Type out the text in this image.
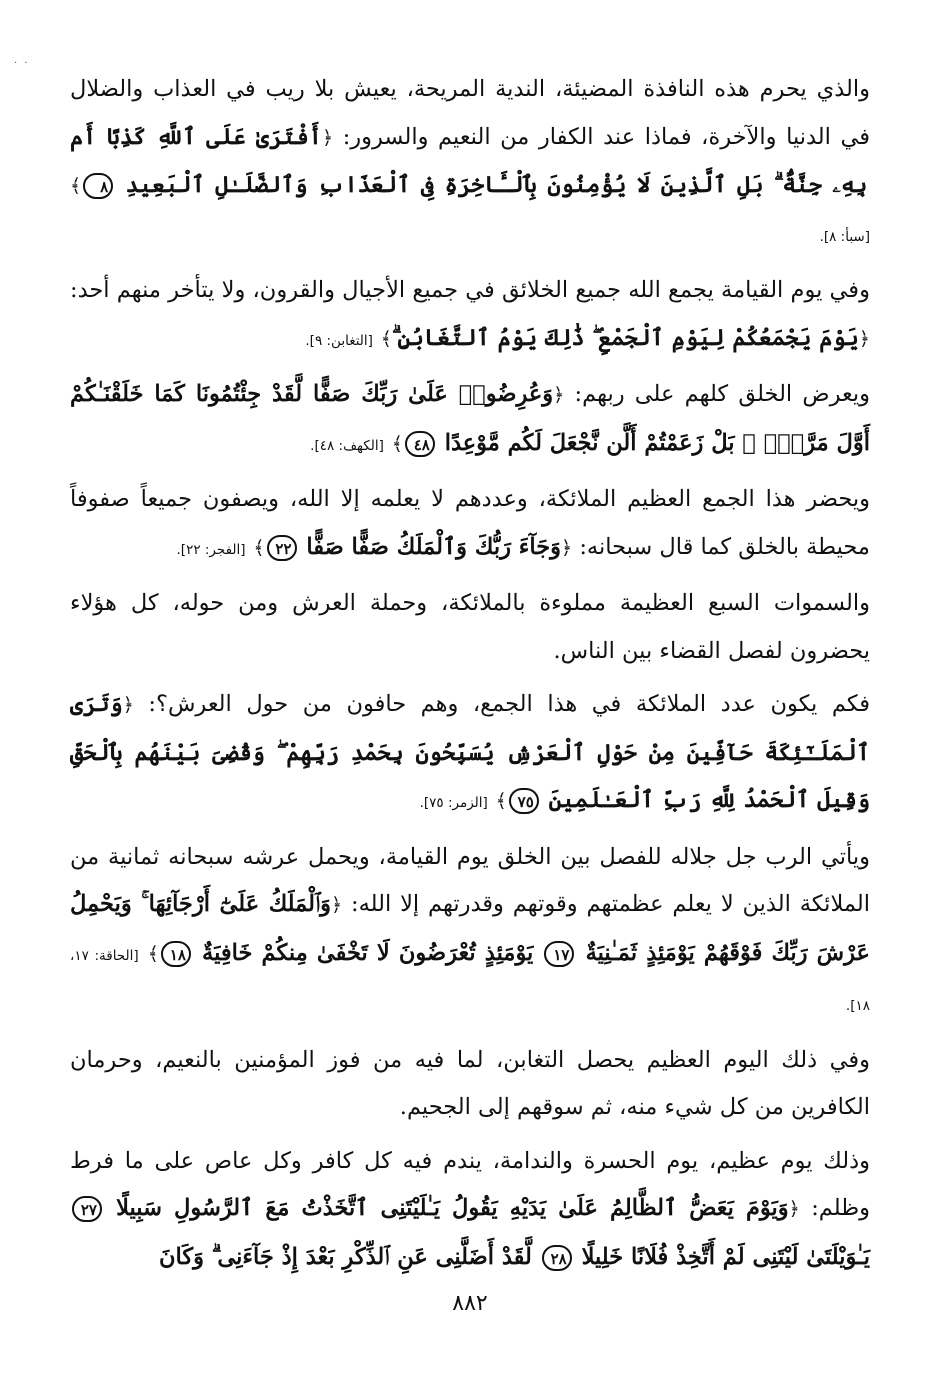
· ·

والذي يحرم هذه النافذة المضيئة، الندية المريحة، يعيش بلا ريب في العذاب والضلال في الدنيا والآخرة، فماذا عند الكفار من النعيم والسرور: ﴿أَفْتَرَىٰ عَلَى ٱللَّهِ كَذِبًا أَم بِهِۦ جِنَّةٌۢ ۗ بَلِ ٱلَّذِينَ لَا يُؤْمِنُونَ بِٱلْـَٔاخِرَةِ فِى ٱلْعَذَابِ وَٱلضَّلَـٰلِ ٱلْبَعِيدِ ٨﴾ [سبأ: ٨].

وفي يوم القيامة يجمع الله جميع الخلائق في جميع الأجيال والقرون، ولا يتأخر منهم أحد: ﴿يَوْمَ يَجْمَعُكُمْ لِيَوْمِ ٱلْجَمْعِ ۖ ذَٰلِكَ يَوْمُ ٱلتَّغَابُنِ ۗ﴾ [التغابن: ٩].

ويعرض الخلق كلهم على ربهم: ﴿وَعُرِضُوا۟ عَلَىٰ رَبِّكَ صَفًّا لَّقَدْ جِئْتُمُونَا كَمَا خَلَقْنَـٰكُمْ أَوَّلَ مَرَّةٍۭ ۚ بَلْ زَعَمْتُمْ أَلَّن نَّجْعَلَ لَكُم مَّوْعِدًا ٤٨﴾ [الكهف: ٤٨].

ويحضر هذا الجمع العظيم الملائكة، وعددهم لا يعلمه إلا الله، ويصفون جميعاً صفوفاً محيطة بالخلق كما قال سبحانه: ﴿وَجَآءَ رَبُّكَ وَٱلْمَلَكُ صَفًّا صَفًّا ٢٢﴾ [الفجر: ٢٢].

والسموات السبع العظيمة مملوءة بالملائكة، وحملة العرش ومن حوله، كل هؤلاء يحضرون لفصل القضاء بين الناس.

فكم يكون عدد الملائكة في هذا الجمع، وهم حافون من حول العرش؟: ﴿وَتَرَى ٱلْمَلَـٰٓئِكَةَ حَآفِّينَ مِنْ حَوْلِ ٱلْعَرْشِ يُسَبِّحُونَ بِحَمْدِ رَبِّهِمْ ۖ وَقُضِىَ بَيْنَهُم بِٱلْحَقِّ وَقِيلَ ٱلْحَمْدُ لِلَّهِ رَبِّ ٱلْعَـٰلَمِينَ ٧٥﴾ [الزمر: ٧٥].

ويأتي الرب جل جلاله للفصل بين الخلق يوم القيامة، ويحمل عرشه سبحانه ثمانية من الملائكة الذين لا يعلم عظمتهم وقوتهم وقدرتهم إلا الله: ﴿وَٱلْمَلَكُ عَلَىٰٓ أَرْجَآئِهَا ۚ وَيَحْمِلُ عَرْشَ رَبِّكَ فَوْقَهُمْ يَوْمَئِذٍ ثَمَـٰنِيَةٌ ١٧ يَوْمَئِذٍ تُعْرَضُونَ لَا تَخْفَىٰ مِنكُمْ خَافِيَةٌ ١٨﴾ [الحاقة: ١٧، ١٨].

وفي ذلك اليوم العظيم يحصل التغابن، لما فيه من فوز المؤمنين بالنعيم، وحرمان الكافرين من كل شيء منه، ثم سوقهم إلى الجحيم.

وذلك يوم عظيم، يوم الحسرة والندامة، يندم فيه كل كافر وكل عاص على ما فرط وظلم: ﴿وَيَوْمَ يَعَضُّ ٱلظَّالِمُ عَلَىٰ يَدَيْهِ يَقُولُ يَـٰلَيْتَنِى ٱتَّخَذْتُ مَعَ ٱلرَّسُولِ سَبِيلًا ٢٧ يَـٰوَيْلَتَىٰ لَيْتَنِى لَمْ أَتَّخِذْ فُلَانًا خَلِيلًا ٢٨ لَّقَدْ أَضَلَّنِى عَنِ ٱلذِّكْرِ بَعْدَ إِذْ جَآءَنِى ۗ وَكَانَ

٨٨٢
